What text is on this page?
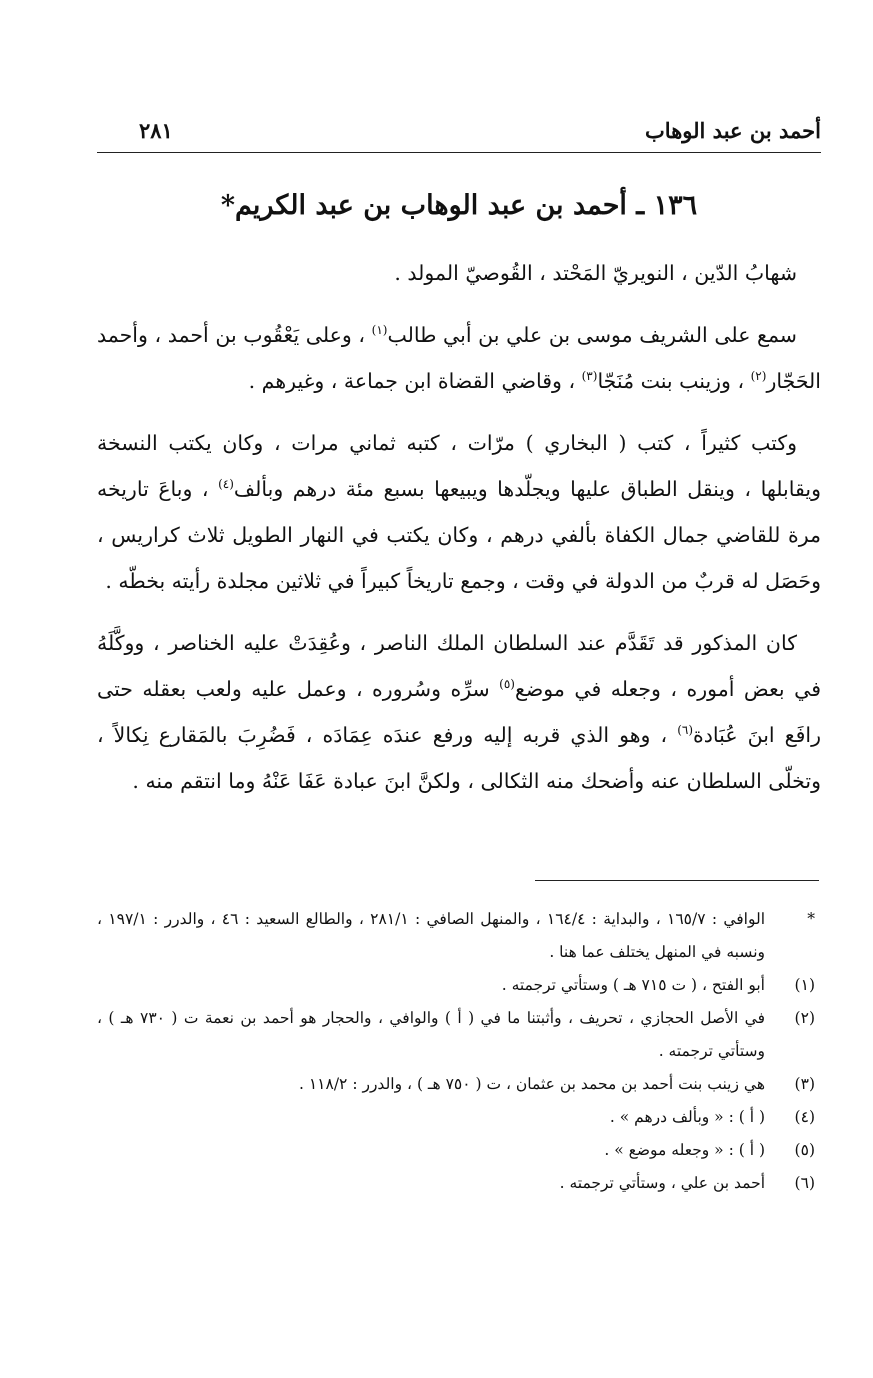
أحمد بن عبد الوهاب
٢٨١
١٣٦ ـ أحمد بن عبد الوهاب بن عبد الكريم*

شهابُ الدّين ، النويريّ المَحْتد ، القُوصيّ المولد .

سمع على الشريف موسى بن علي بن أبي طالب$^{(١)}$ ، وعلى يَعْقُوب بن أحمد ، وأحمد الحَجّار$^{(٢)}$ ، وزينب بنت مُنَجّا$^{(٣)}$ ، وقاضي القضاة ابن جماعة ، وغيرهم .

وكتب كثيراً ، كتب ( البخاري ) مرّات ، كتبه ثماني مرات ، وكان يكتب النسخة ويقابلها ، وينقل الطباق عليها ويجلّدها ويبيعها بسبع مئة درهم وبألف$^{(٤)}$ ، وباعَ تاريخه مرة للقاضي جمال الكفاة بألفي درهم ، وكان يكتب في النهار الطويل ثلاث كراريس ، وحَصَل له قربٌ من الدولة في وقت ، وجمع تاريخاً كبيراً في ثلاثين مجلدة رأيته بخطّه .

كان المذكور قد تَقَدَّم عند السلطان الملك الناصر ، وعُقِدَتْ عليه الخناصر ، ووكَّلَهُ في بعض أموره ، وجعله في موضع$^{(٥)}$ سرِّه وسُروره ، وعمل عليه ولعب بعقله حتى رافَع ابنَ عُبَادة$^{(٦)}$ ، وهو الذي قربه إليه ورفع عندَه عِمَادَه ، فَضُرِبَ بالمَقارع نِكالاً ، وتخلّى السلطان عنه وأضحك منه الثكالى ، ولكنَّ ابنَ عبادة عَفَا عَنْهُ وما انتقم منه .

*
الوافي : ١٦٥/٧ ، والبداية : ١٦٤/٤ ، والمنهل الصافي : ٢٨١/١ ، والطالع السعيد : ٤٦ ، والدرر : ١٩٧/١ ، ونسبه في المنهل يختلف عما هنا .
(١)
أبو الفتح ، ( ت ٧١٥ هـ ) وستأتي ترجمته .
(٢)
في الأصل الحجازي ، تحريف ، وأثبتنا ما في ( أ ) والوافي ، والحجار هو أحمد بن نعمة ت ( ٧٣٠ هـ ) ، وستأتي ترجمته .
(٣)
هي زينب بنت أحمد بن محمد بن عثمان ، ت ( ٧٥٠ هـ ) ، والدرر : ١١٨/٢ .
(٤)
( أ ) : « وبألف درهم » .
(٥)
( أ ) : « وجعله موضع » .
(٦)
أحمد بن علي ، وستأتي ترجمته .
